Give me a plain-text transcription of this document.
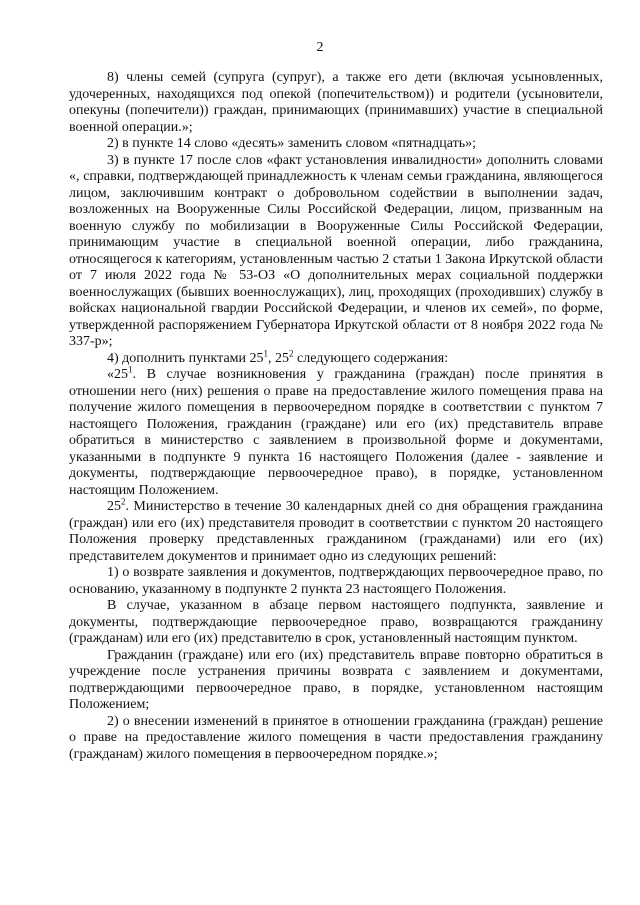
2

8) члены семей (супруга (супруг), а также его дети (включая усыновленных, удочеренных, находящихся под опекой (попечительством)) и родители (усыновители, опекуны (попечители)) граждан, принимающих (принимавших) участие в специальной военной операции.»;

2) в пункте 14 слово «десять» заменить словом «пятнадцать»;

3) в пункте 17 после слов «факт установления инвалидности» дополнить словами «, справки, подтверждающей принадлежность к членам семьи гражданина, являющегося лицом, заключившим контракт о добровольном содействии в выполнении задач, возложенных на Вооруженные Силы Российской Федерации, лицом, призванным на военную службу по мобилизации в Вооруженные Силы Российской Федерации, принимающим участие в специальной военной операции, либо гражданина, относящегося к категориям, установленным частью 2 статьи 1 Закона Иркутской области от 7 июля 2022 года № 53-ОЗ «О дополнительных мерах социальной поддержки военнослужащих (бывших военнослужащих), лиц, проходящих (проходивших) службу в войсках национальной гвардии Российской Федерации, и членов их семей», по форме, утвержденной распоряжением Губернатора Иркутской области от 8 ноября 2022 года № 337-р»;

4) дополнить пунктами $25^1$, $25^2$ следующего содержания:

«$25^1$. В случае возникновения у гражданина (граждан) после принятия в отношении него (них) решения о праве на предоставление жилого помещения права на получение жилого помещения в первоочередном порядке в соответствии с пунктом 7 настоящего Положения, гражданин (граждане) или его (их) представитель вправе обратиться в министерство с заявлением в произвольной форме и документами, указанными в подпункте 9 пункта 16 настоящего Положения (далее - заявление и документы, подтверждающие первоочередное право), в порядке, установленном настоящим Положением.

$25^2$. Министерство в течение 30 календарных дней со дня обращения гражданина (граждан) или его (их) представителя проводит в соответствии с пунктом 20 настоящего Положения проверку представленных гражданином (гражданами) или его (их) представителем документов и принимает одно из следующих решений:

1) о возврате заявления и документов, подтверждающих первоочередное право, по основанию, указанному в подпункте 2 пункта 23 настоящего Положения.

В случае, указанном в абзаце первом настоящего подпункта, заявление и документы, подтверждающие первоочередное право, возвращаются гражданину (гражданам) или его (их) представителю в срок, установленный настоящим пунктом.

Гражданин (граждане) или его (их) представитель вправе повторно обратиться в учреждение после устранения причины возврата с заявлением и документами, подтверждающими первоочередное право, в порядке, установленном настоящим Положением;

2) о внесении изменений в принятое в отношении гражданина (граждан) решение о праве на предоставление жилого помещения в части предоставления гражданину (гражданам) жилого помещения в первоочередном порядке.»;
